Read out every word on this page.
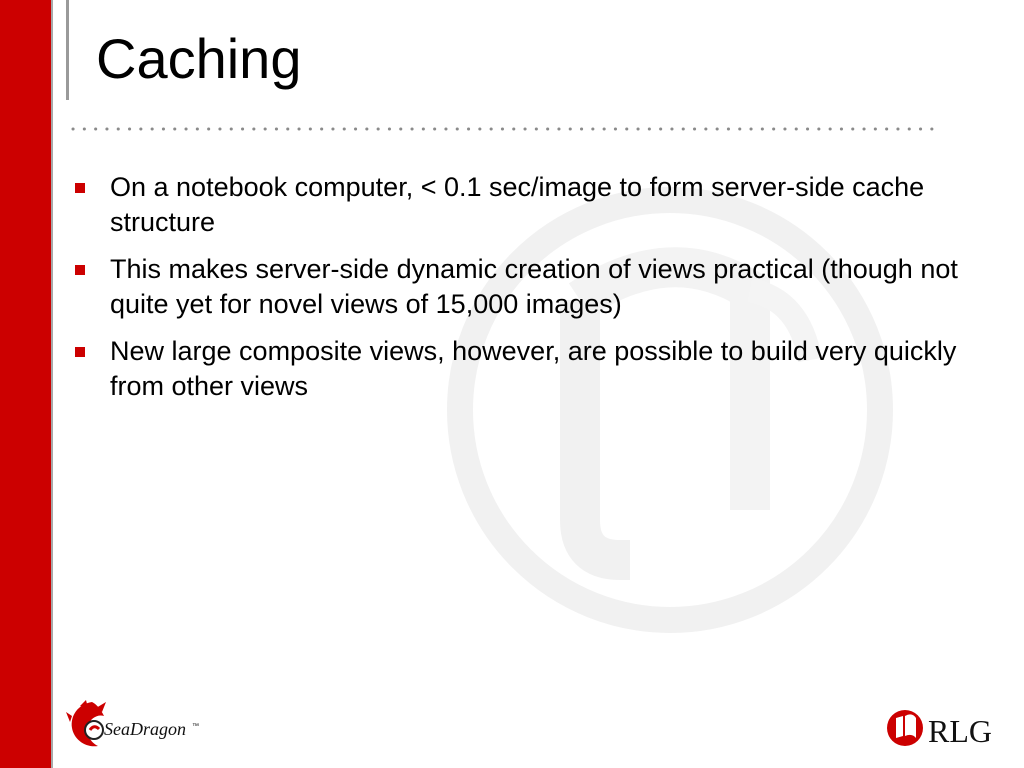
Caching
On a notebook computer, < 0.1 sec/image to form server-side cache structure
This makes server-side dynamic creation of views practical (though not quite yet for novel views of 15,000 images)
New large composite views, however, are possible to build very quickly from other views
SeaDragon ™	RLG
